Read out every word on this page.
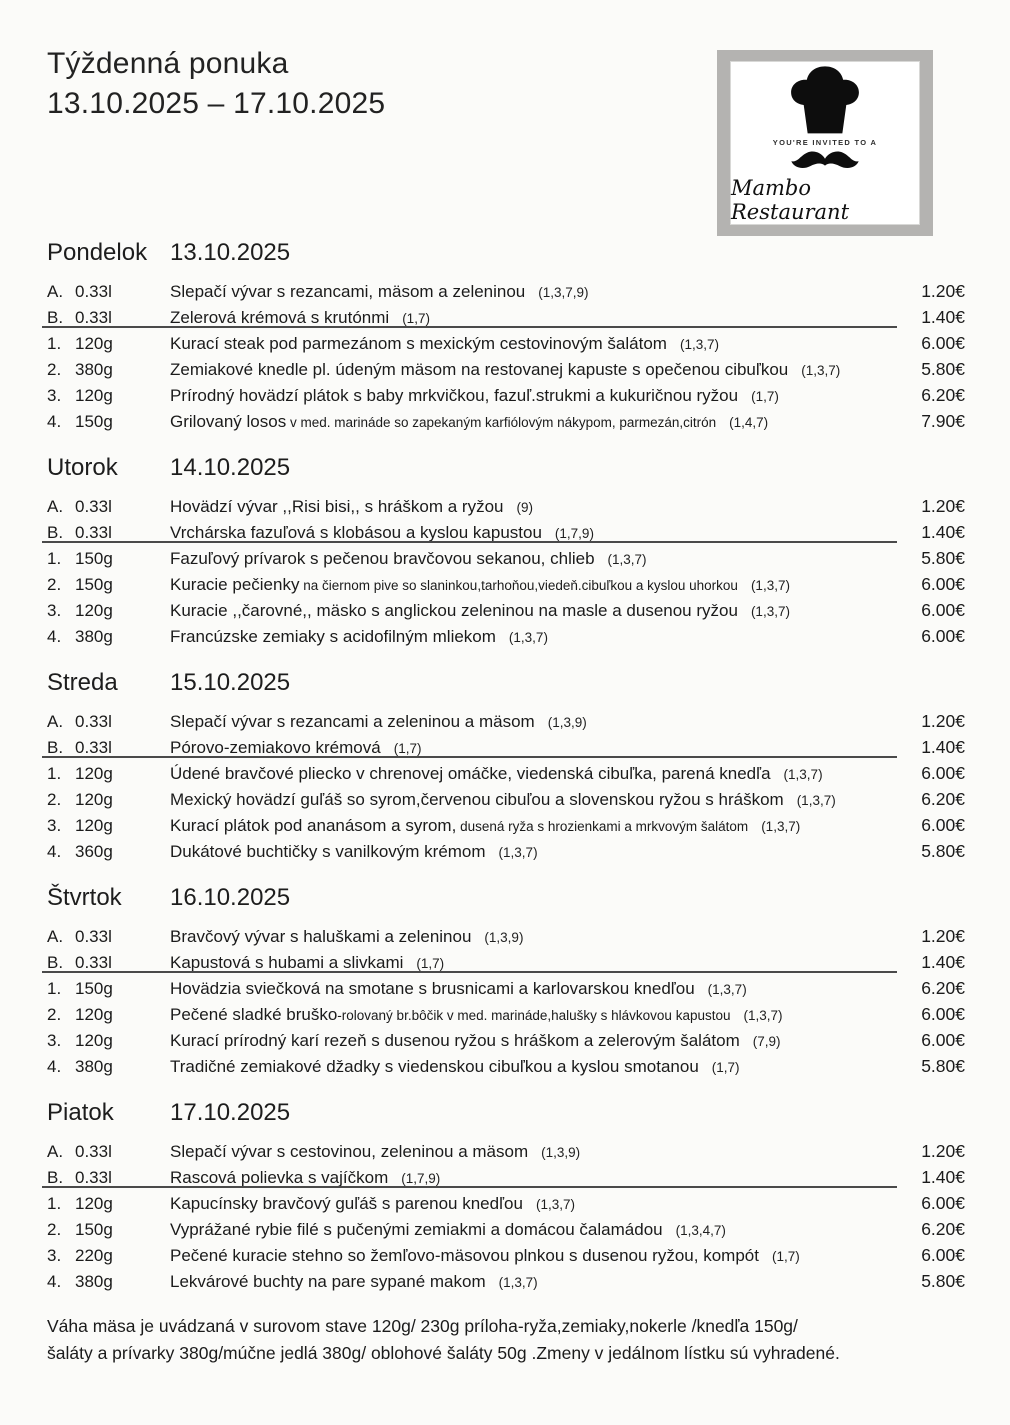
Týždenná ponuka
13.10.2025 – 17.10.2025
YOU'RE INVITED TO A
Mambo Restaurant
Pondelok 13.10.2025
A. 0.33l	Slepačí vývar s rezancami, mäsom a zeleninou (1,3,7,9)	1.20€
B. 0.33l	Zelerová krémová s krutónmi (1,7)	1.40€
1. 120g	Kurací steak pod parmezánom s mexickým cestovinovým šalátom (1,3,7)	6.00€
2. 380g	Zemiakové knedle pl. údeným mäsom na restovanej kapuste s opečenou cibuľkou (1,3,7)	5.80€
3. 120g	Prírodný hovädzí plátok s baby mrkvičkou, fazuľ.strukmi a kukuričnou ryžou (1,7)	6.20€
4. 150g	Grilovaný losos v med. marináde so zapekaným karfiólovým nákypom, parmezán,citrón (1,4,7)	7.90€
Utorok	14.10.2025
A. 0.33l	Hovädzí vývar ,,Risi bisi,, s hráškom a ryžou (9)	1.20€
B. 0.33l	Vrchárska fazuľová s klobásou a kyslou kapustou (1,7,9)	1.40€
1. 150g	Fazuľový prívarok s pečenou bravčovou sekanou, chlieb (1,3,7)	5.80€
2. 150g	Kuracie pečienky na čiernom pive so slaninkou,tarhoňou,viedeň.cibuľkou a kyslou uhorkou (1,3,7)	6.00€
3. 120g	Kuracie ,,čarovné,, mäsko s anglickou zeleninou na masle a dusenou ryžou (1,3,7)	6.00€
4. 380g	Francúzske zemiaky s acidofilným mliekom (1,3,7)	6.00€
Streda	15.10.2025
A. 0.33l	Slepačí vývar s rezancami a zeleninou a mäsom (1,3,9)	1.20€
B. 0.33l	Pórovo-zemiakovo krémová (1,7)	1.40€
1. 120g	Údené bravčové pliecko v chrenovej omáčke, viedenská cibuľka, parená knedľa (1,3,7)	6.00€
2. 120g	Mexický hovädzí guľáš so syrom,červenou cibuľou a slovenskou ryžou s hráškom (1,3,7)	6.20€
3. 120g	Kurací plátok pod ananásom a syrom, dusená ryža s hrozienkami a mrkvovým šalátom (1,3,7)	6.00€
4. 360g	Dukátové buchtičky s vanilkovým krémom (1,3,7)	5.80€
Štvrtok	16.10.2025
A. 0.33l	Bravčový vývar s haluškami a zeleninou (1,3,9)	1.20€
B. 0.33l	Kapustová s hubami a slivkami (1,7)	1.40€
1. 150g	Hovädzia sviečková na smotane s brusnicami a karlovarskou knedľou (1,3,7)	6.20€
2. 120g	Pečené sladké bruško-rolovaný br.bôčik v med. marináde,halušky s hlávkovou kapustou (1,3,7)	6.00€
3. 120g	Kurací prírodný karí rezeň s dusenou ryžou s hráškom a zelerovým šalátom (7,9)	6.00€
4. 380g	Tradičné zemiakové džadky s viedenskou cibuľkou a kyslou smotanou (1,7)	5.80€
Piatok	17.10.2025
A. 0.33l	Slepačí vývar s cestovinou, zeleninou a mäsom (1,3,9)	1.20€
B. 0.33l	Rascová polievka s vajíčkom (1,7,9)	1.40€
1. 120g	Kapucínsky bravčový guľáš s parenou knedľou (1,3,7)	6.00€
2. 150g	Vyprážané rybie filé s pučenými zemiakmi a domácou čalamádou (1,3,4,7)	6.20€
3. 220g	Pečené kuracie stehno so žemľovo-mäsovou plnkou s dusenou ryžou, kompót (1,7)	6.00€
4. 380g	Lekvárové buchty na pare sypané makom (1,3,7)	5.80€
Váha mäsa je uvádzaná v surovom stave 120g/ 230g príloha-ryža,zemiaky,nokerle /knedľa 150g/
šaláty a prívarky 380g/múčne jedlá 380g/ oblohové šaláty 50g .Zmeny v jedálnom lístku sú vyhradené.
